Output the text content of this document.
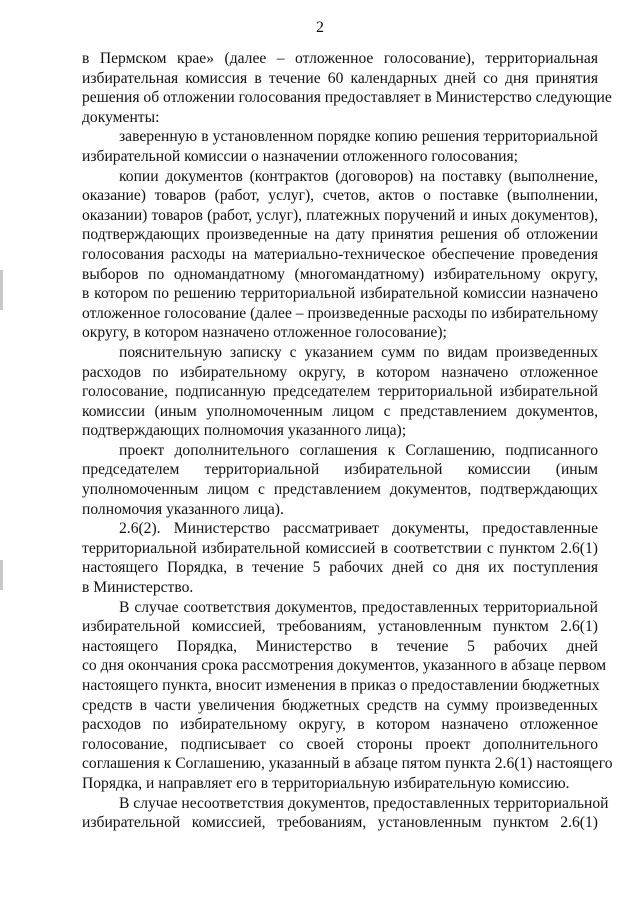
2
в Пермском крае» (далее – отложенное голосование), территориальная
избирательная комиссия в течение 60 календарных дней со дня принятия
решения об отложении голосования предоставляет в Министерство следующие
документы:
заверенную в установленном порядке копию решения территориальной
избирательной комиссии о назначении отложенного голосования;
копии документов (контрактов (договоров) на поставку (выполнение,
оказание) товаров (работ, услуг), счетов, актов о поставке (выполнении,
оказании) товаров (работ, услуг), платежных поручений и иных документов),
подтверждающих произведенные на дату принятия решения об отложении
голосования расходы на материально-техническое обеспечение проведения
выборов по одномандатному (многомандатному) избирательному округу,
в котором по решению территориальной избирательной комиссии назначено
отложенное голосование (далее – произведенные расходы по избирательному
округу, в котором назначено отложенное голосование);
пояснительную записку с указанием сумм по видам произведенных
расходов по избирательному округу, в котором назначено отложенное
голосование, подписанную председателем территориальной избирательной
комиссии (иным уполномоченным лицом с представлением документов,
подтверждающих полномочия указанного лица);
проект дополнительного соглашения к Соглашению, подписанного
председателем территориальной избирательной комиссии (иным
уполномоченным лицом с представлением документов, подтверждающих
полномочия указанного лица).
2.6(2). Министерство рассматривает документы, предоставленные
территориальной избирательной комиссией в соответствии с пунктом 2.6(1)
настоящего Порядка, в течение 5 рабочих дней со дня их поступления
в Министерство.
В случае соответствия документов, предоставленных территориальной
избирательной комиссией, требованиям, установленным пунктом 2.6(1)
настоящего Порядка, Министерство в течение 5 рабочих дней
со дня окончания срока рассмотрения документов, указанного в абзаце первом
настоящего пункта, вносит изменения в приказ о предоставлении бюджетных
средств в части увеличения бюджетных средств на сумму произведенных
расходов по избирательному округу, в котором назначено отложенное
голосование, подписывает со своей стороны проект дополнительного
соглашения к Соглашению, указанный в абзаце пятом пункта 2.6(1) настоящего
Порядка, и направляет его в территориальную избирательную комиссию.
В случае несоответствия документов, предоставленных территориальной
избирательной комиссией, требованиям, установленным пунктом 2.6(1)
